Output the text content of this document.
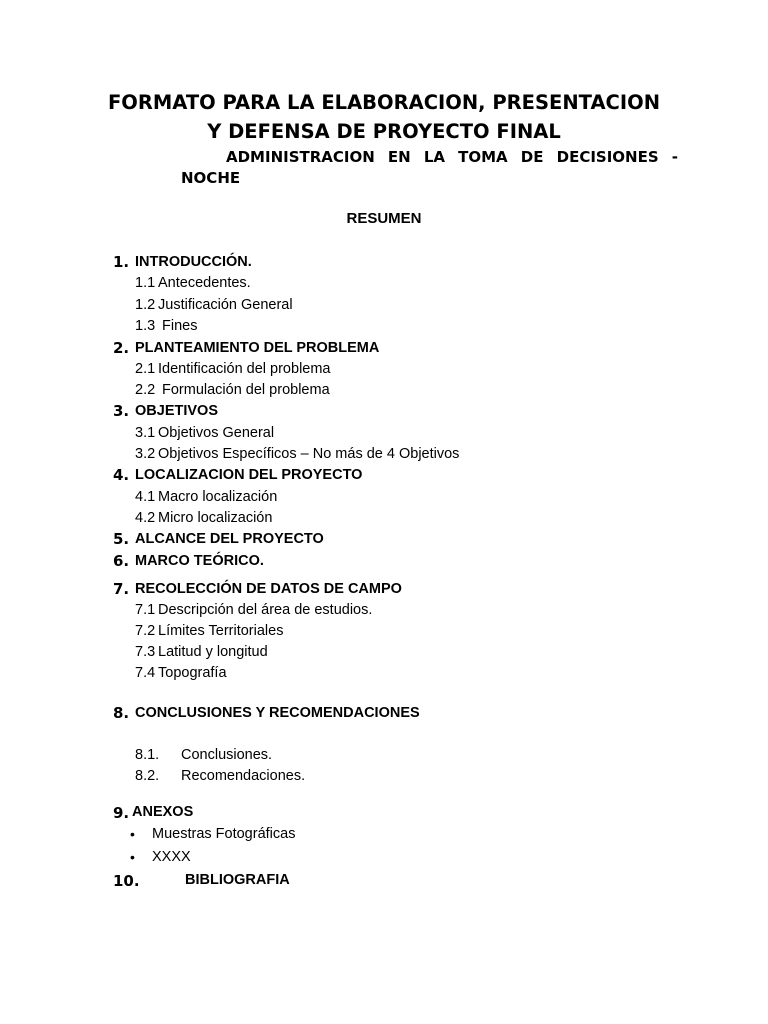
FORMATO PARA LA ELABORACION, PRESENTACION
Y DEFENSA DE PROYECTO FINAL
ADMINISTRACION EN LA TOMA DE DECISIONES -
NOCHE
RESUMEN
1. INTRODUCCIÓN.
1.1 Antecedentes.
1.2 Justificación General
1.3 Fines
2. PLANTEAMIENTO DEL PROBLEMA
2.1 Identificación del problema
2.2 Formulación del problema
3. OBJETIVOS
3.1 Objetivos General
3.2 Objetivos Específicos – No más de 4 Objetivos
4. LOCALIZACION DEL PROYECTO
4.1 Macro localización
4.2 Micro localización
5. ALCANCE DEL PROYECTO
6. MARCO TEÓRICO.
7. RECOLECCIÓN DE DATOS DE CAMPO
7.1 Descripción del área de estudios.
7.2 Límites Territoriales
7.3 Latitud y longitud
7.4 Topografía
8. CONCLUSIONES Y RECOMENDACIONES
8.1. Conclusiones.
8.2. Recomendaciones.
9. ANEXOS
• Muestras Fotográficas
• XXXX
10.	BIBLIOGRAFIA
